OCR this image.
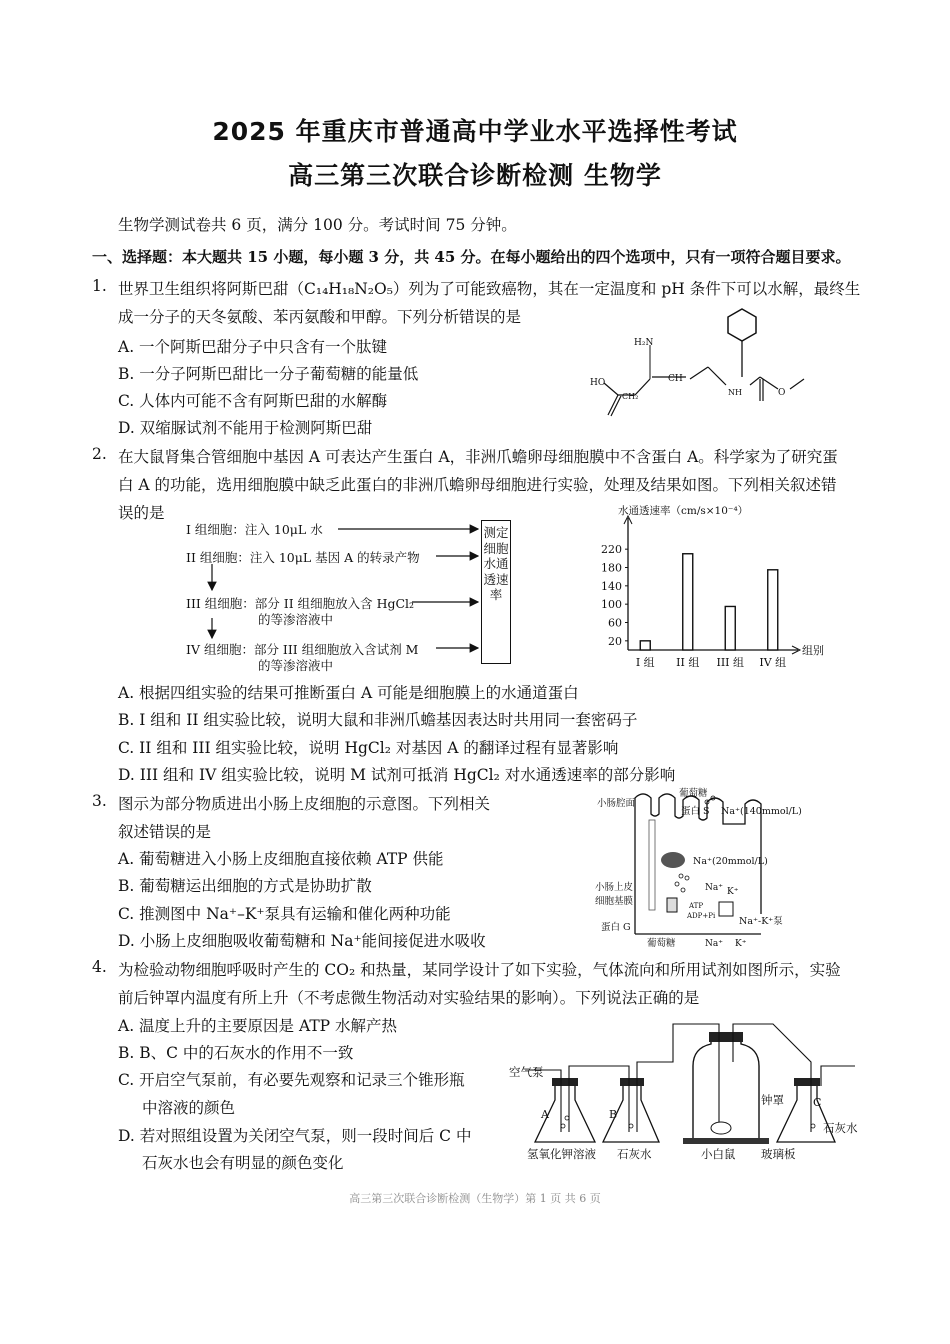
2025 年重庆市普通高中学业水平选择性考试
高三第三次联合诊断检测 生物学
生物学测试卷共 6 页，满分 100 分。考试时间 75 分钟。
一、选择题：本大题共 15 小题，每小题 3 分，共 45 分。在每小题给出的四个选项中，只有一项符合题目要求。
1. 世界卫生组织将阿斯巴甜（C₁₄H₁₈N₂O₅）列为了可能致癌物，其在一定温度和 pH 条件下可以水解，最终生
成一分子的天冬氨酸、苯丙氨酸和甲醇。下列分析错误的是
A. 一个阿斯巴甜分子中只含有一个肽键
B. 一分子阿斯巴甜比一分子葡萄糖的能量低
C. 人体内可能不含有阿斯巴甜的水解酶
D. 双缩脲试剂不能用于检测阿斯巴甜
H₂N
HO	CH
CH₂	NH	O
2. 在大鼠肾集合管细胞中基因 A 可表达产生蛋白 A，非洲爪蟾卵母细胞膜中不含蛋白 A。科学家为了研究蛋
白 A 的功能，选用细胞膜中缺乏此蛋白的非洲爪蟾卵母细胞进行实验，处理及结果如图。下列相关叙述错
误的是
I 组细胞：注入 10μL 水
II 组细胞：注入 10μL 基因 A 的转录产物
III 组细胞：部分 II 组细胞放入含 HgCl₂
的等渗溶液中
IV 组细胞：部分 III 组细胞放入含试剂 M
的等渗溶液中
测定细胞水通透速率
水通透速率（cm/s×10⁻⁴）
组别
20
60
100
140
180
220
I 组 II 组 III 组 IV 组
A. 根据四组实验的结果可推断蛋白 A 可能是细胞膜上的水通道蛋白
B. I 组和 II 组实验比较，说明大鼠和非洲爪蟾基因表达时共用同一套密码子
C. II 组和 III 组实验比较，说明 HgCl₂ 对基因 A 的翻译过程有显著影响
D. III 组和 IV 组实验比较，说明 M 试剂可抵消 HgCl₂ 对水通透速率的部分影响
3. 图示为部分物质进出小肠上皮细胞的示意图。下列相关
叙述错误的是
A. 葡萄糖进入小肠上皮细胞直接依赖 ATP 供能
B. 葡萄糖运出细胞的方式是协助扩散
C. 推测图中 Na⁺–K⁺泵具有运输和催化两种功能
D. 小肠上皮细胞吸收葡萄糖和 Na⁺能间接促进水吸收
小肠腔面
葡萄糖
蛋白 S Na⁺(140mmol/L)
Na⁺(20mmol/L)
小肠上皮
细胞基膜
蛋白 G
葡萄糖
ATP
ADP+Pi	Na⁺-K⁺泵
Na⁺ K⁺
Na⁺ K⁺
4. 为检验动物细胞呼吸时产生的 CO₂ 和热量，某同学设计了如下实验，气体流向和所用试剂如图所示，实验
前后钟罩内温度有所上升（不考虑微生物活动对实验结果的影响）。下列说法正确的是
A. 温度上升的主要原因是 ATP 水解产热
B. B、C 中的石灰水的作用不一致
C. 开启空气泵前，有必要先观察和记录三个锥形瓶
中溶液的颜色
D. 若对照组设置为关闭空气泵，则一段时间后 C 中
石灰水也会有明显的颜色变化
空气泵
A	B
C
钟罩
石灰水
氢氧化钾溶液 石灰水	小白鼠 玻璃板
高三第三次联合诊断检测（生物学）第 1 页 共 6 页
